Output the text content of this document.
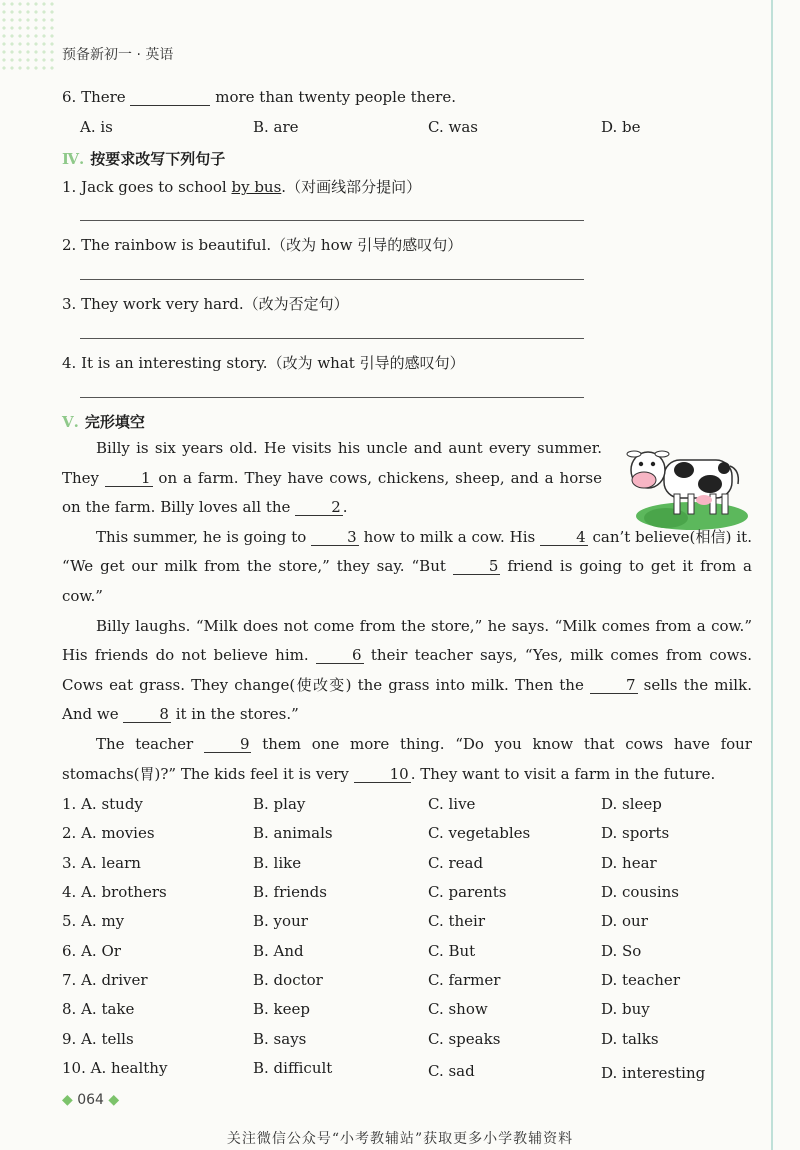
预备新初一 · 英语
6. There	more than twenty people there.
A. is	B. are	C. was	D. be
Ⅳ. 按要求改写下列句子
1. Jack goes to school by bus.（对画线部分提问）
2. The rainbow is beautiful.（改为 how 引导的感叹句）
3. They work very hard.（改为否定句）
4. It is an interesting story.（改为 what 引导的感叹句）
Ⅴ. 完形填空

Billy is six years old. He visits his uncle and aunt every summer. They	1 on a farm. They have cows, chickens, sheep, and a horse on the farm. Billy loves all the	2 .

This summer, he is going to	3 how to milk a cow. His	4 can’t believe(相信) it. “We get our milk from the store,” they say. “But	5 friend is going to get it from a cow.”

Billy laughs. “Milk does not come from the store,” he says. “Milk comes from a cow.” His friends do not believe him.	6 their teacher says, “Yes, milk comes from cows. Cows eat grass. They change(使改变) the grass into milk. Then the	7 sells the milk. And we	8 it in the stores.”

The teacher	9 them one more thing. “Do you know that cows have four stomachs(胃)?” The kids feel it is very	10 . They want to visit a farm in the future.

1. A. study	B. play	C. live	D. sleep
2. A. movies	B. animals	C. vegetables	D. sports
3. A. learn	B. like	C. read	D. hear
4. A. brothers	B. friends	C. parents	D. cousins
5. A. my	B. your	C. their	D. our
6. A. Or	B. And	C. But	D. So
7. A. driver	B. doctor	C. farmer	D. teacher
8. A. take	B. keep	C. show	D. buy
9. A. tells	B. says	C. speaks	D. talks
10. A. healthy	B. difficult	C. sad	D. interesting
◆ 064 ◆
关注微信公众号“小考教辅站”获取更多小学教辅资料
